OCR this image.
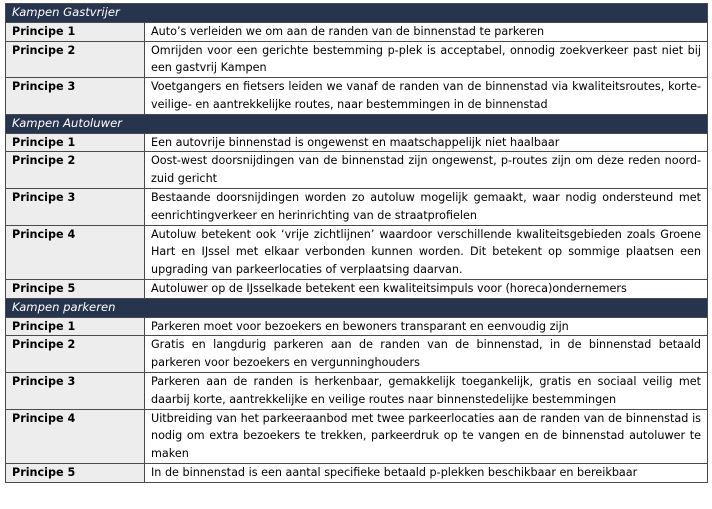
Kampen Gastvrijer	
Principe 1	Auto’s verleiden we om aan de randen van de binnenstad te parkeren
Principe 2	Omrijden voor een gerichte bestemming p-plek is acceptabel, onnodig zoekverkeer past niet bij een gastvrij Kampen
Principe 3	Voetgangers en fietsers leiden we vanaf de randen van de binnenstad via kwaliteitsroutes, korte- veilige- en aantrekkelijke routes, naar bestemmingen in de binnenstad
Kampen Autoluwer	
Principe 1	Een autovrije binnenstad is ongewenst en maatschappelijk niet haalbaar
Principe 2	Oost-west doorsnijdingen van de binnenstad zijn ongewenst, p-routes zijn om deze reden noord-zuid gericht
Principe 3	Bestaande doorsnijdingen worden zo autoluw mogelijk gemaakt, waar nodig ondersteund met eenrichtingverkeer en herinrichting van de straatprofielen
Principe 4	Autoluw betekent ook ‘vrije zichtlijnen’ waardoor verschillende kwaliteitsgebieden zoals Groene Hart en IJssel met elkaar verbonden kunnen worden. Dit betekent op sommige plaatsen een upgrading van parkeerlocaties of verplaatsing daarvan.
Principe 5	Autoluwer op de IJsselkade betekent een kwaliteitsimpuls voor (horeca)ondernemers
Kampen parkeren	
Principe 1	Parkeren moet voor bezoekers en bewoners transparant en eenvoudig zijn
Principe 2	Gratis en langdurig parkeren aan de randen van de binnenstad, in de binnenstad betaald parkeren voor bezoekers en vergunninghouders
Principe 3	Parkeren aan de randen is herkenbaar, gemakkelijk toegankelijk, gratis en sociaal veilig met daarbij korte, aantrekkelijke en veilige routes naar binnenstedelijke bestemmingen
Principe 4	Uitbreiding van het parkeeraanbod met twee parkeerlocaties aan de randen van de binnenstad is nodig om extra bezoekers te trekken, parkeerdruk op te vangen en de binnenstad autoluwer te maken
Principe 5	In de binnenstad is een aantal specifieke betaald p-plekken beschikbaar en bereikbaar
